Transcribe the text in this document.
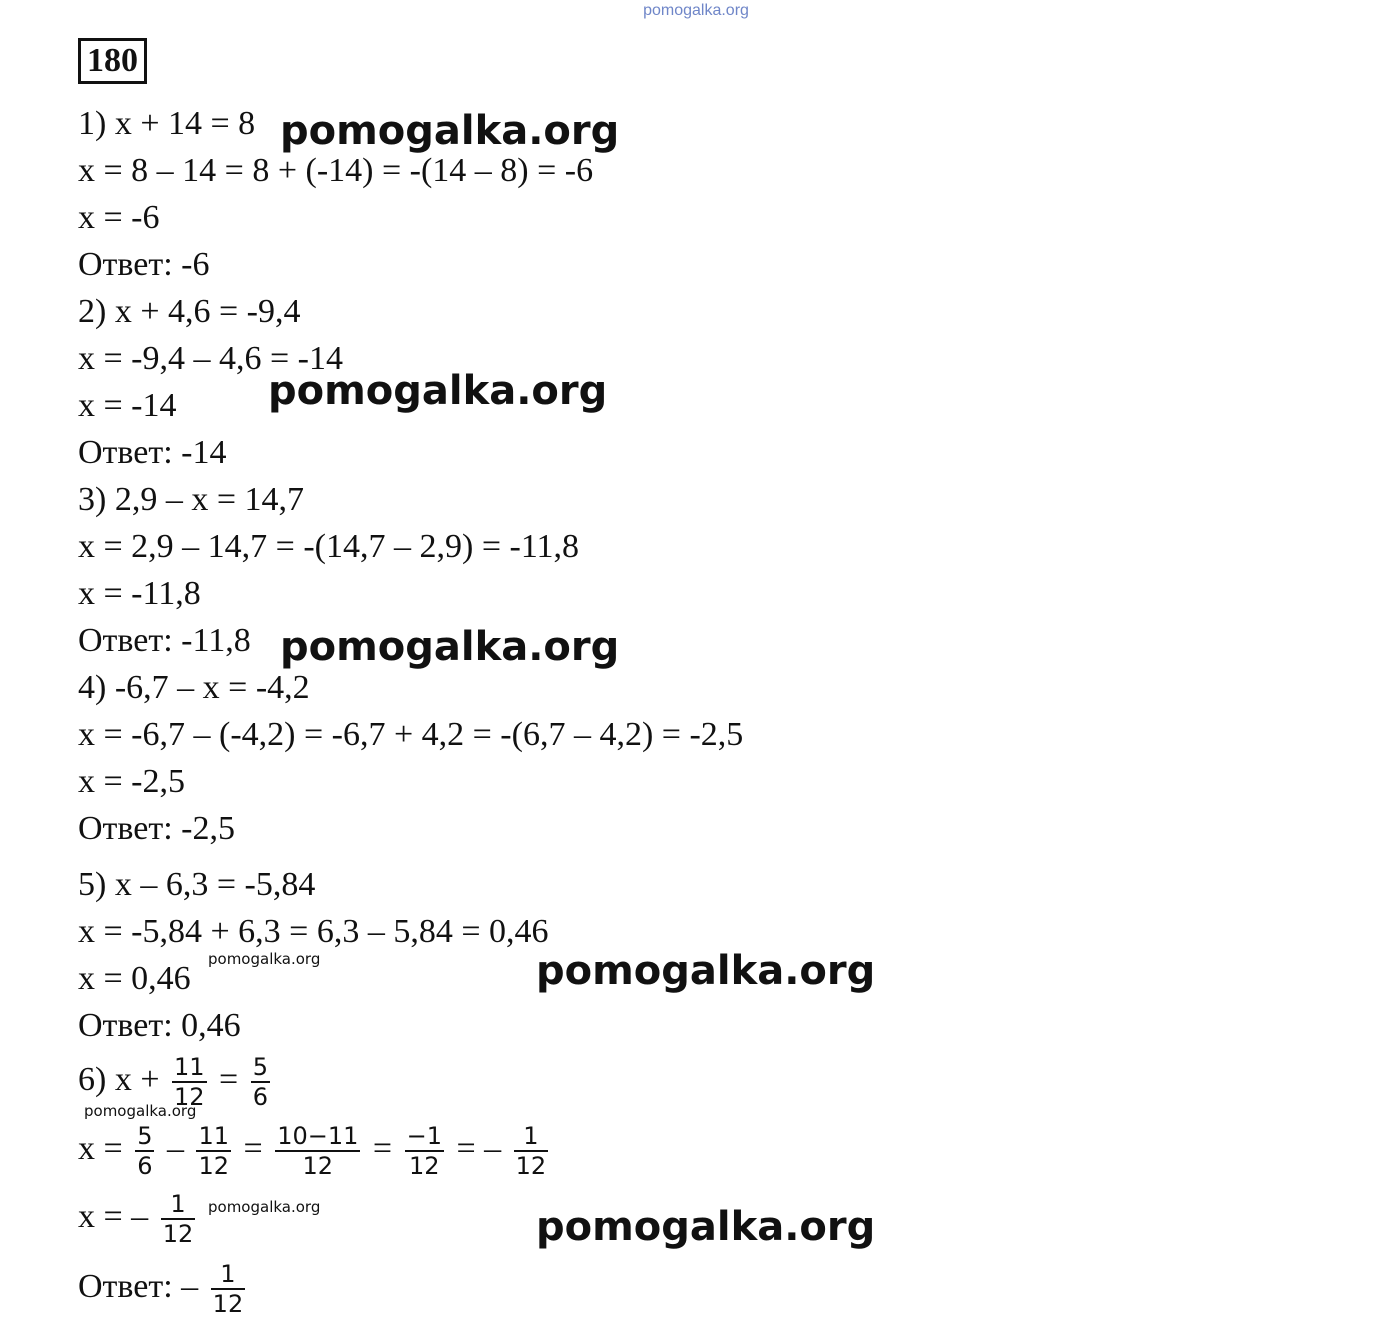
pomogalka.org
180
1) x + 14 = 8
x = 8 – 14 = 8 + (-14) = -(14 – 8) = -6
x = -6
Ответ: -6
2) x + 4,6 = -9,4
x = -9,4 – 4,6 = -14
x = -14
Ответ: -14
3) 2,9 – x = 14,7
x = 2,9 – 14,7 = -(14,7 – 2,9) = -11,8
x = -11,8
Ответ: -11,8
4) -6,7 – x = -4,2
x = -6,7 – (-4,2) = -6,7 + 4,2 = -(6,7 – 4,2) = -2,5
x = -2,5
Ответ: -2,5
5) x – 6,3 = -5,84
x = -5,84 + 6,3 = 6,3 – 5,84 = 0,46
x = 0,46
Ответ: 0,46
6) $x + \frac{11}{12} = \frac{5}{6}$
$x = \frac{5}{6} - \frac{11}{12} = \frac{10-11}{12} = \frac{-1}{12}$ = – $\frac{1}{12}$
x = – $\frac{1}{12}$
Ответ: – $\frac{1}{12}$
pomogalka.org
pomogalka.org
pomogalka.org
pomogalka.org
pomogalka.org
pomogalka.org
pomogalka.org
pomogalka.org
